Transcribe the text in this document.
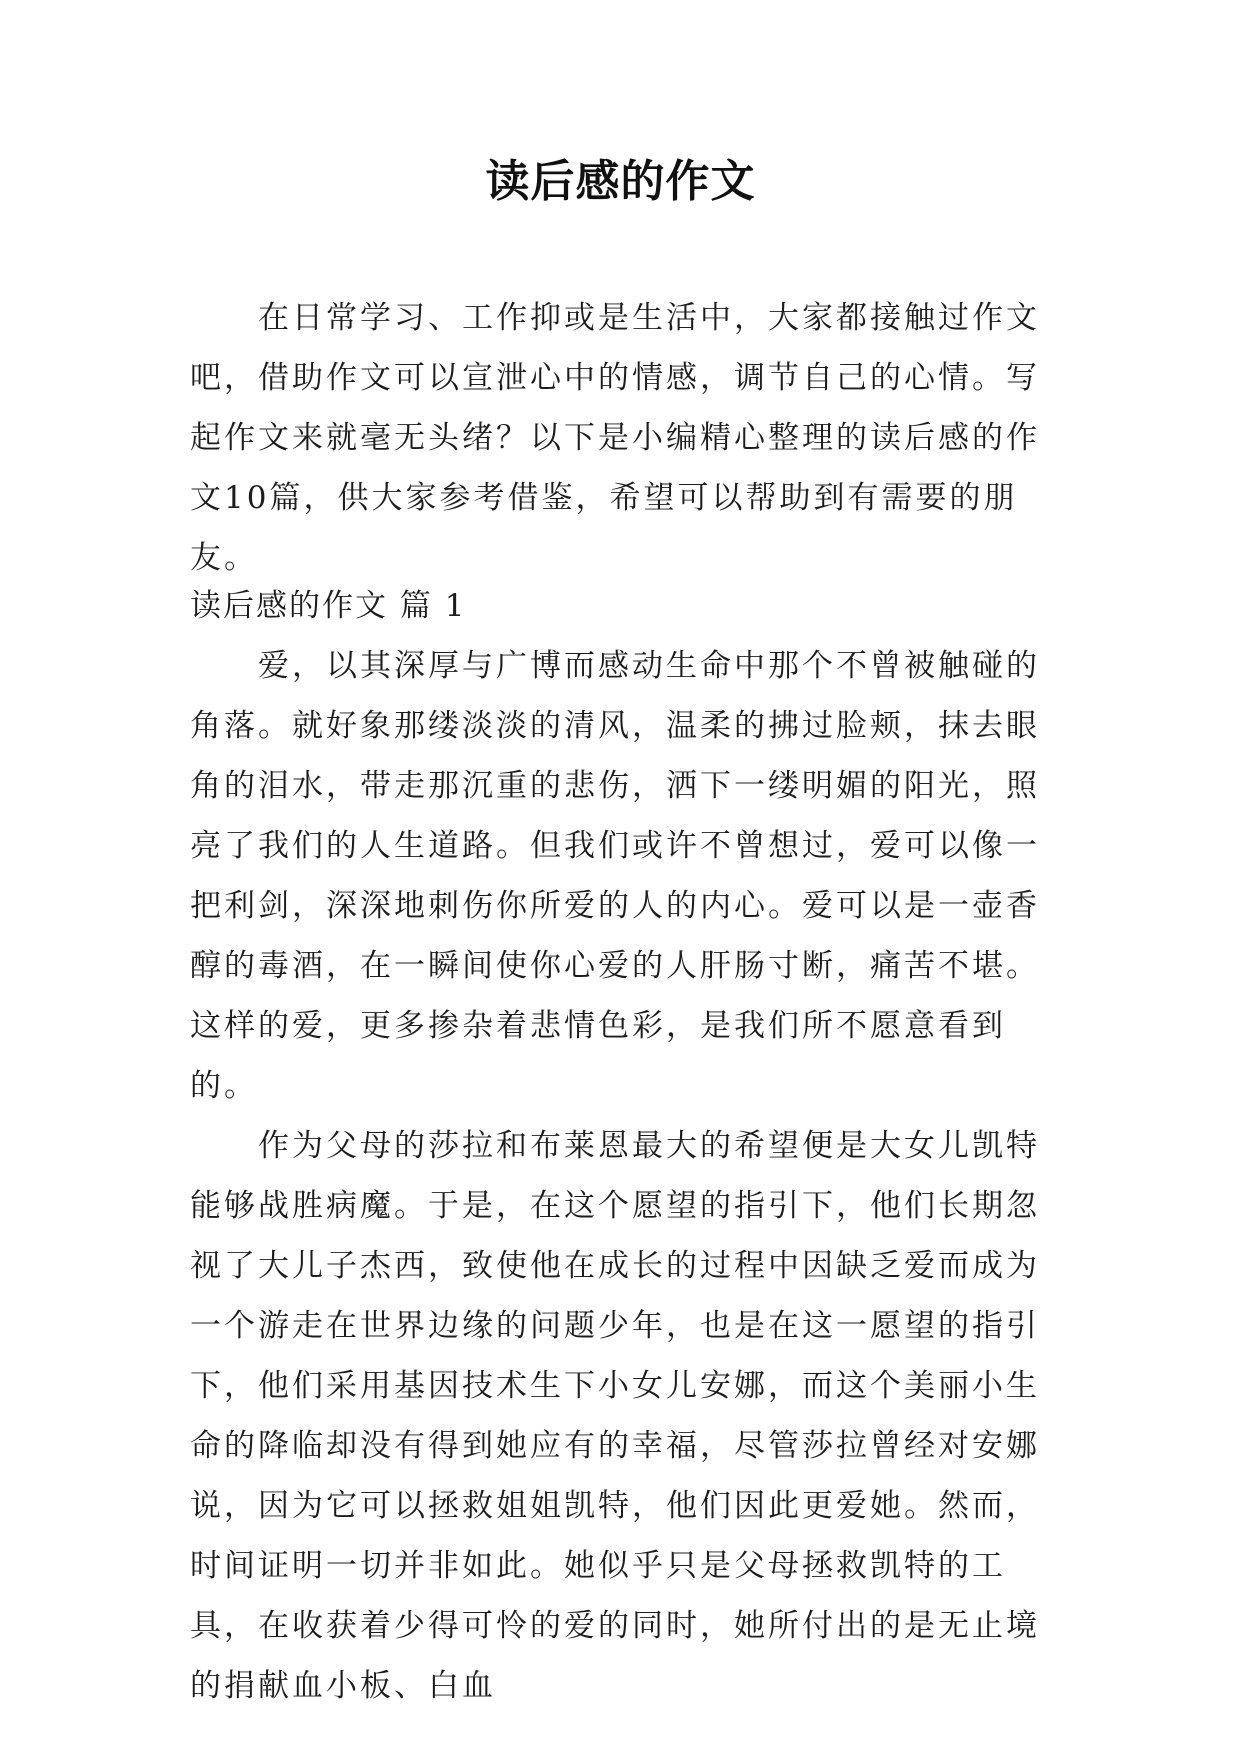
读后感的作文

在日常学习、工作抑或是生活中，大家都接触过作文吧，借助作文可以宣泄心中的情感，调节自己的心情。写起作文来就毫无头绪？以下是小编精心整理的读后感的作文10篇，供大家参考借鉴，希望可以帮助到有需要的朋友。

读后感的作文 篇 1

爱，以其深厚与广博而感动生命中那个不曾被触碰的角落。就好象那缕淡淡的清风，温柔的拂过脸颊，抹去眼角的泪水，带走那沉重的悲伤，洒下一缕明媚的阳光，照亮了我们的人生道路。但我们或许不曾想过，爱可以像一把利剑，深深地刺伤你所爱的人的内心。爱可以是一壶香醇的毒酒，在一瞬间使你心爱的人肝肠寸断，痛苦不堪。这样的爱，更多掺杂着悲情色彩，是我们所不愿意看到的。

作为父母的莎拉和布莱恩最大的希望便是大女儿凯特能够战胜病魔。于是，在这个愿望的指引下，他们长期忽视了大儿子杰西，致使他在成长的过程中因缺乏爱而成为一个游走在世界边缘的问题少年，也是在这一愿望的指引下，他们采用基因技术生下小女儿安娜，而这个美丽小生命的降临却没有得到她应有的幸福，尽管莎拉曾经对安娜说，因为它可以拯救姐姐凯特，他们因此更爱她。然而，时间证明一切并非如此。她似乎只是父母拯救凯特的工具，在收获着少得可怜的爱的同时，她所付出的是无止境的捐献血小板、白血
